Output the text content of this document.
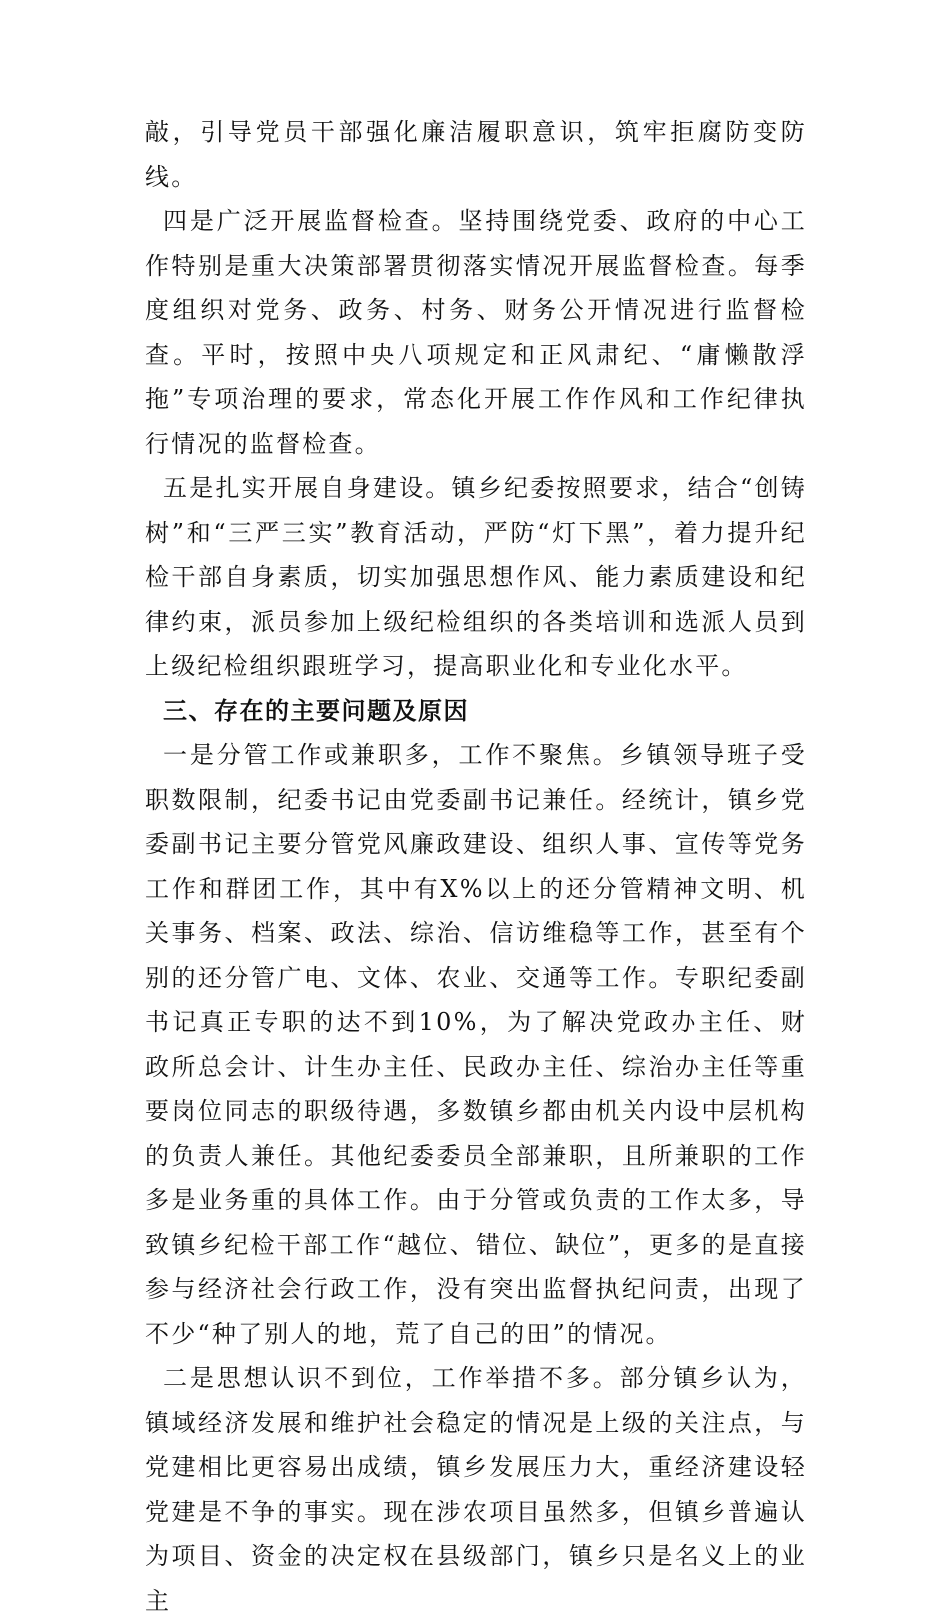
敲，引导党员干部强化廉洁履职意识，筑牢拒腐防变防线。

四是广泛开展监督检查。坚持围绕党委、政府的中心工作特别是重大决策部署贯彻落实情况开展监督检查。每季度组织对党务、政务、村务、财务公开情况进行监督检查。平时，按照中央八项规定和正风肃纪、“庸懒散浮拖”专项治理的要求，常态化开展工作作风和工作纪律执行情况的监督检查。

五是扎实开展自身建设。镇乡纪委按照要求，结合“创铸树”和“三严三实”教育活动，严防“灯下黑”，着力提升纪检干部自身素质，切实加强思想作风、能力素质建设和纪律约束，派员参加上级纪检组织的各类培训和选派人员到上级纪检组织跟班学习，提高职业化和专业化水平。

三、存在的主要问题及原因

一是分管工作或兼职多，工作不聚焦。乡镇领导班子受职数限制，纪委书记由党委副书记兼任。经统计，镇乡党委副书记主要分管党风廉政建设、组织人事、宣传等党务工作和群团工作，其中有X%以上的还分管精神文明、机关事务、档案、政法、综治、信访维稳等工作，甚至有个别的还分管广电、文体、农业、交通等工作。专职纪委副书记真正专职的达不到10%，为了解决党政办主任、财政所总会计、计生办主任、民政办主任、综治办主任等重要岗位同志的职级待遇，多数镇乡都由机关内设中层机构的负责人兼任。其他纪委委员全部兼职，且所兼职的工作多是业务重的具体工作。由于分管或负责的工作太多，导致镇乡纪检干部工作“越位、错位、缺位”，更多的是直接参与经济社会行政工作，没有突出监督执纪问责，出现了不少“种了别人的地，荒了自己的田”的情况。

二是思想认识不到位，工作举措不多。部分镇乡认为，镇域经济发展和维护社会稳定的情况是上级的关注点，与党建相比更容易出成绩，镇乡发展压力大，重经济建设轻党建是不争的事实。现在涉农项目虽然多，但镇乡普遍认为项目、资金的决定权在县级部门，镇乡只是名义上的业主
